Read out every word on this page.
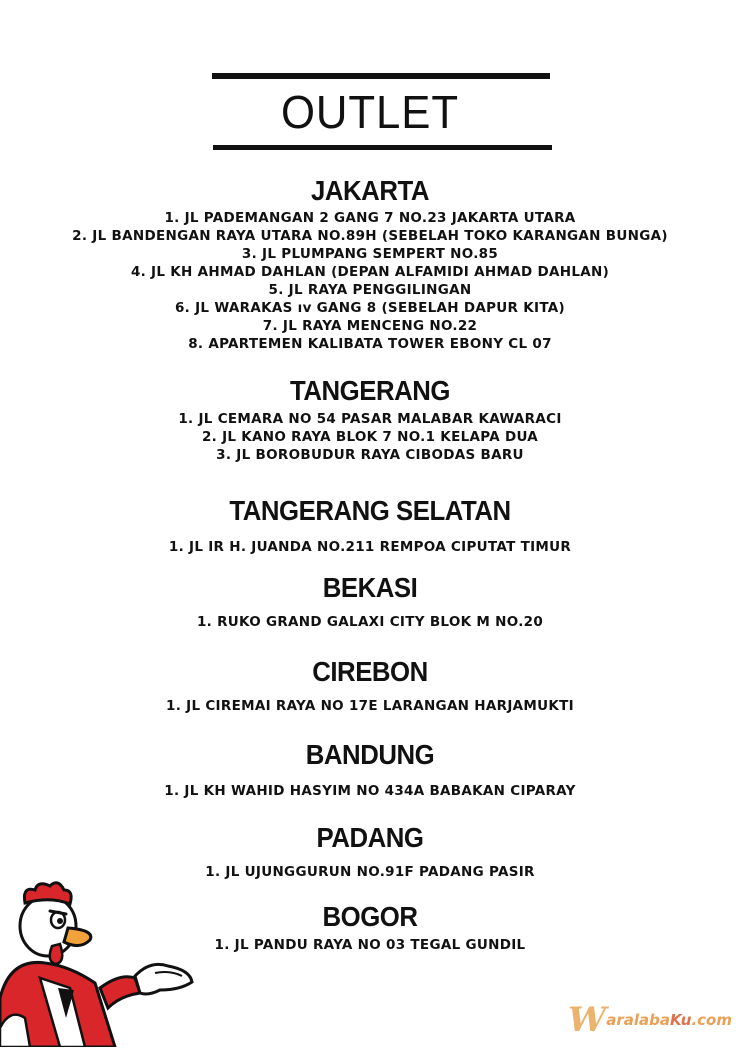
OUTLET
JAKARTA
1. JL PADEMANGAN 2 GANG 7 NO.23 JAKARTA UTARA
2. JL BANDENGAN RAYA UTARA NO.89H (SEBELAH TOKO KARANGAN BUNGA)
3. JL PLUMPANG SEMPERT NO.85
4. JL KH AHMAD DAHLAN (DEPAN ALFAMIDI AHMAD DAHLAN)
5. JL RAYA PENGGILINGAN
6. JL WARAKAS ıv GANG 8 (SEBELAH DAPUR KITA)
7. JL RAYA MENCENG NO.22
8. APARTEMEN KALIBATA TOWER EBONY CL 07
TANGERANG
1. JL CEMARA NO 54 PASAR MALABAR KAWARACI
2. JL KANO RAYA BLOK 7 NO.1 KELAPA DUA
3. JL BOROBUDUR RAYA CIBODAS BARU
TANGERANG SELATAN
1. JL IR H. JUANDA NO.211 REMPOA CIPUTAT TIMUR
BEKASI
1. RUKO GRAND GALAXI CITY BLOK M NO.20
CIREBON
1. JL CIREMAI RAYA NO 17E LARANGAN HARJAMUKTI
BANDUNG
1. JL KH WAHID HASYIM NO 434A BABAKAN CIPARAY
PADANG
1. JL UJUNGGURUN NO.91F PADANG PASIR
BOGOR
1. JL PANDU RAYA NO 03 TEGAL GUNDIL
W aralaba Ku .com
